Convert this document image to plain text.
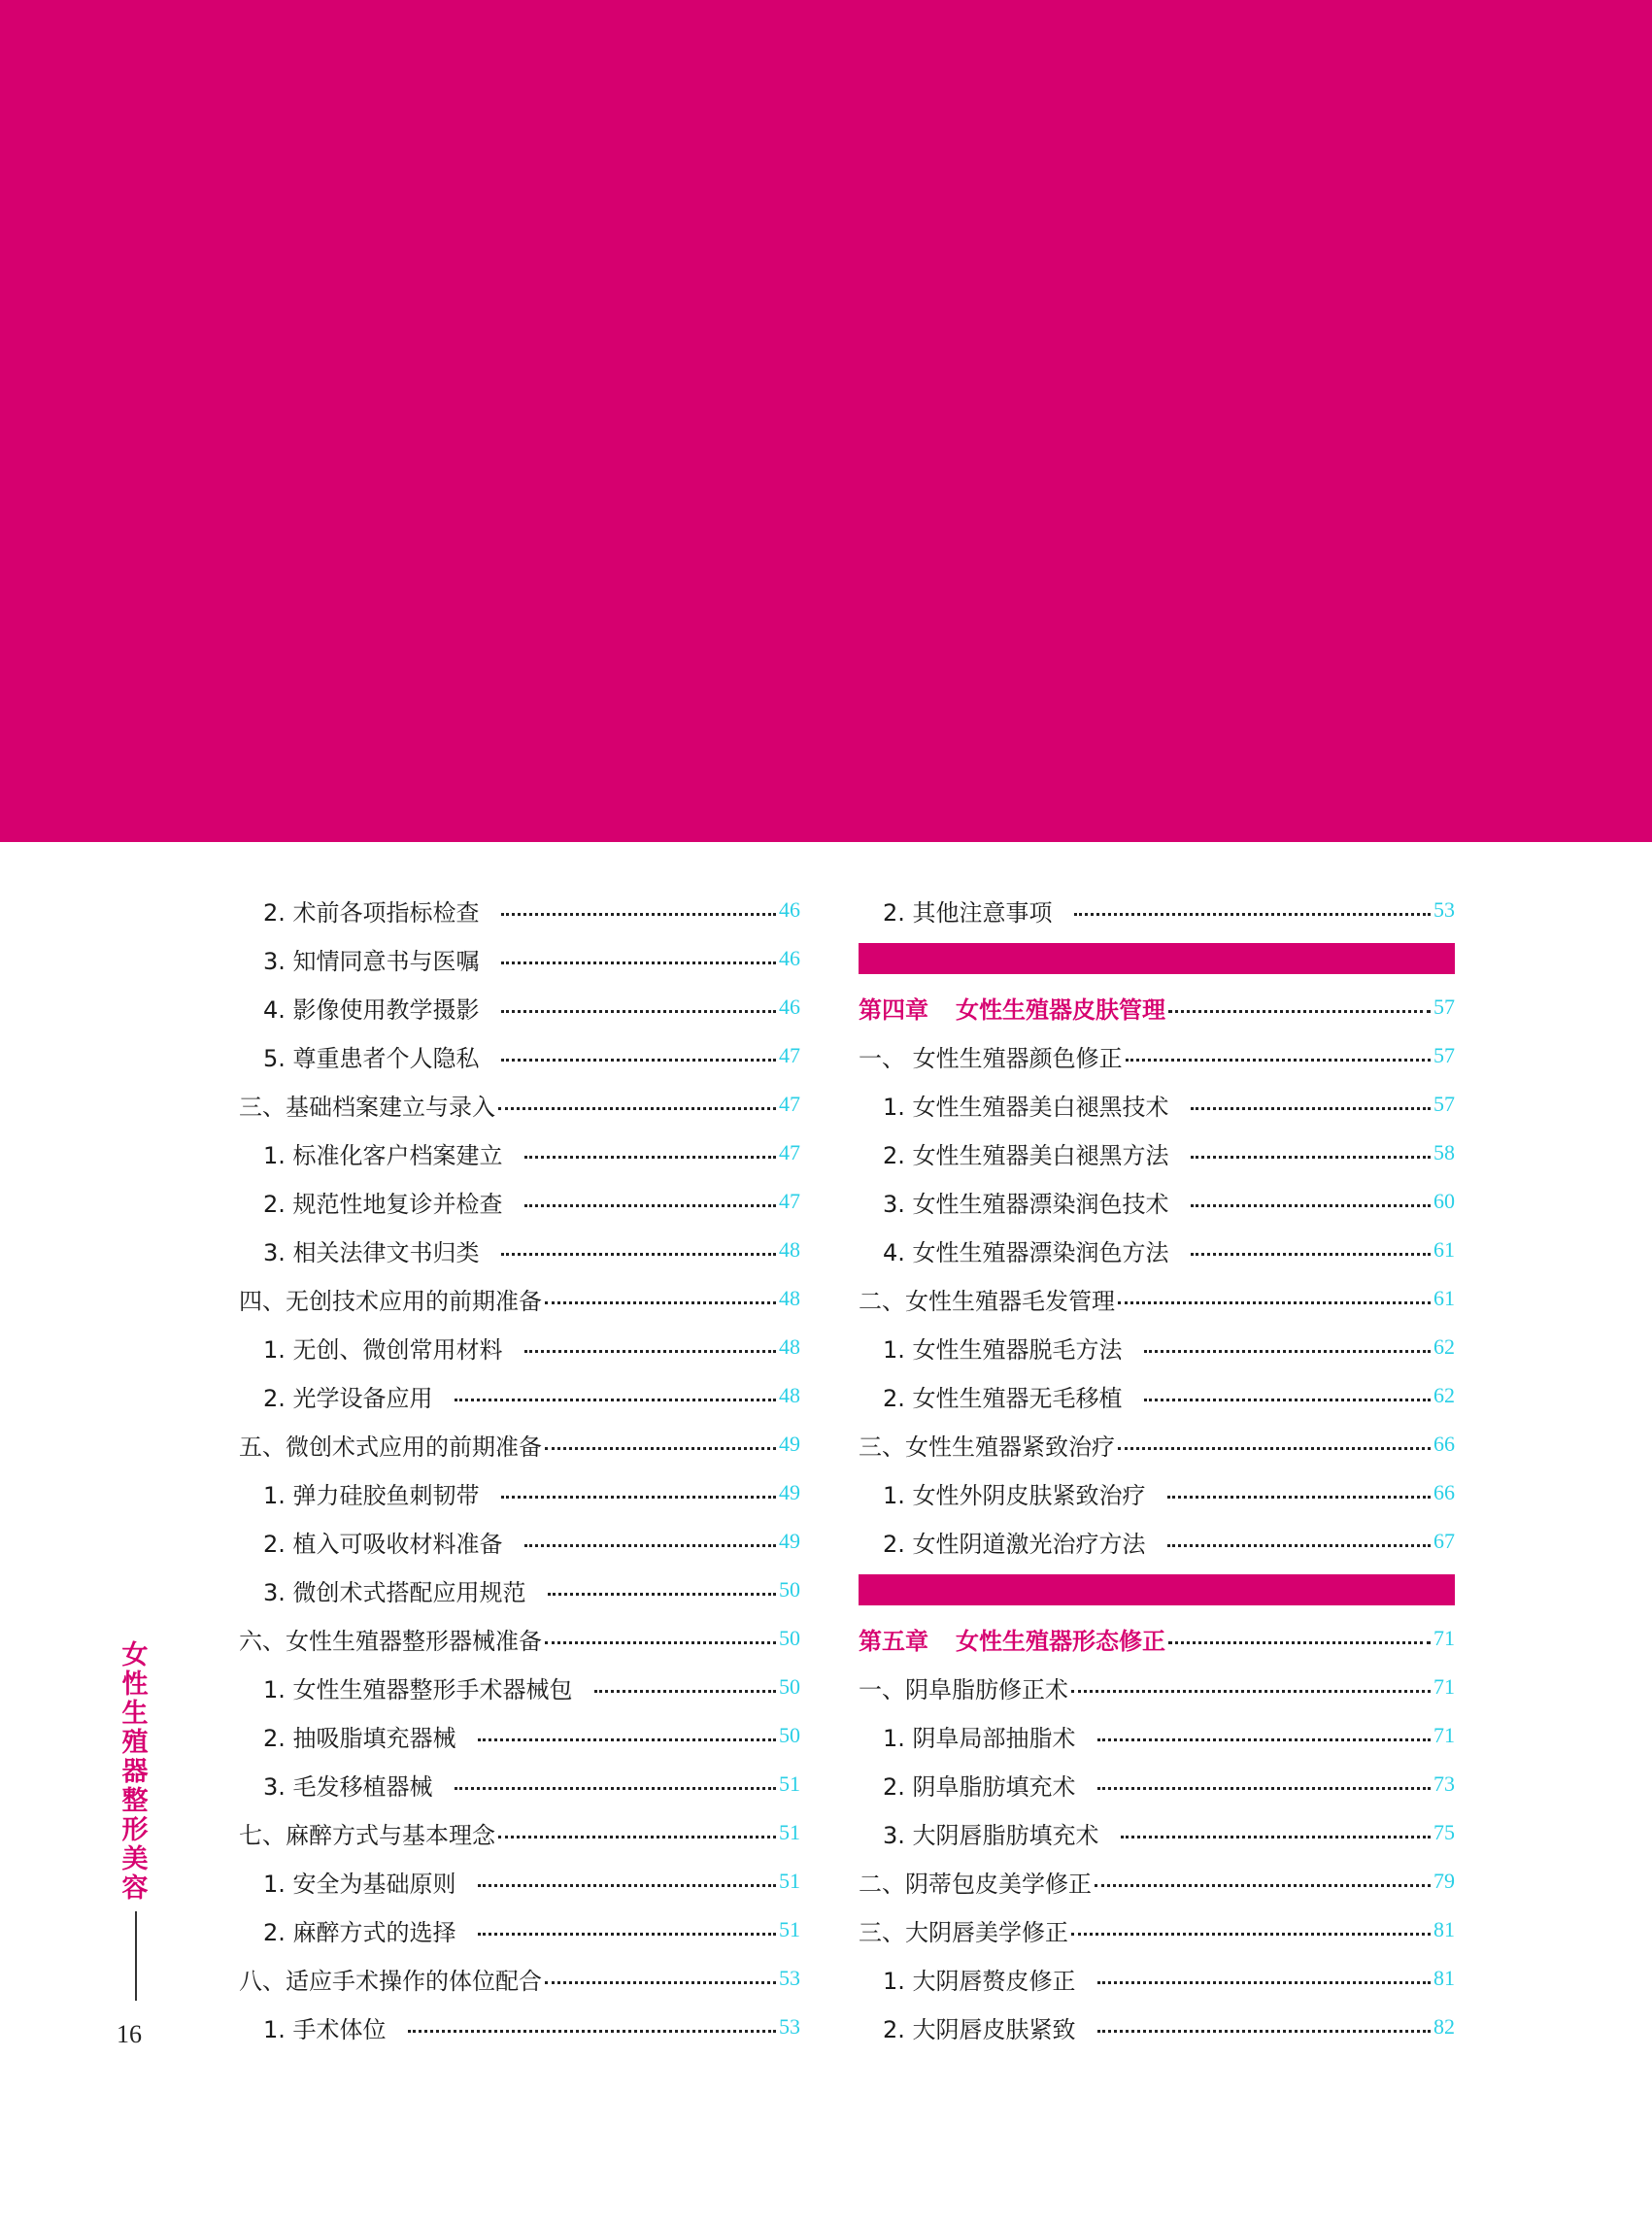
2. 术前各项指标检查	46
3. 知情同意书与医嘱	46
4. 影像使用教学摄影	46
5. 尊重患者个人隐私	47
三、基础档案建立与录入	47
1. 标准化客户档案建立	47
2. 规范性地复诊并检查	47
3. 相关法律文书归类	48
四、无创技术应用的前期准备	48
1. 无创、微创常用材料	48
2. 光学设备应用	48
五、微创术式应用的前期准备	49
1. 弹力硅胶鱼刺韧带	49
2. 植入可吸收材料准备	49
3. 微创术式搭配应用规范	50
六、女性生殖器整形器械准备	50
1. 女性生殖器整形手术器械包	50
2. 抽吸脂填充器械	50
3. 毛发移植器械	51
七、麻醉方式与基本理念	51
1. 安全为基础原则	51
2. 麻醉方式的选择	51
八、适应手术操作的体位配合	53
1. 手术体位	53
2. 其他注意事项	53
第四章 女性生殖器皮肤管理	57
一、 女性生殖器颜色修正	57
1. 女性生殖器美白褪黑技术	57
2. 女性生殖器美白褪黑方法	58
3. 女性生殖器漂染润色技术	60
4. 女性生殖器漂染润色方法	61
二、女性生殖器毛发管理	61
1. 女性生殖器脱毛方法	62
2. 女性生殖器无毛移植	62
三、女性生殖器紧致治疗	66
1. 女性外阴皮肤紧致治疗	66
2. 女性阴道激光治疗方法	67
第五章 女性生殖器形态修正	71
一、阴阜脂肪修正术	71
1. 阴阜局部抽脂术	71
2. 阴阜脂肪填充术	73
3. 大阴唇脂肪填充术	75
二、阴蒂包皮美学修正	79
三、大阴唇美学修正	81
1. 大阴唇赘皮修正	81
2. 大阴唇皮肤紧致	82
女
性
生
殖
器
整
形
美
容
16
